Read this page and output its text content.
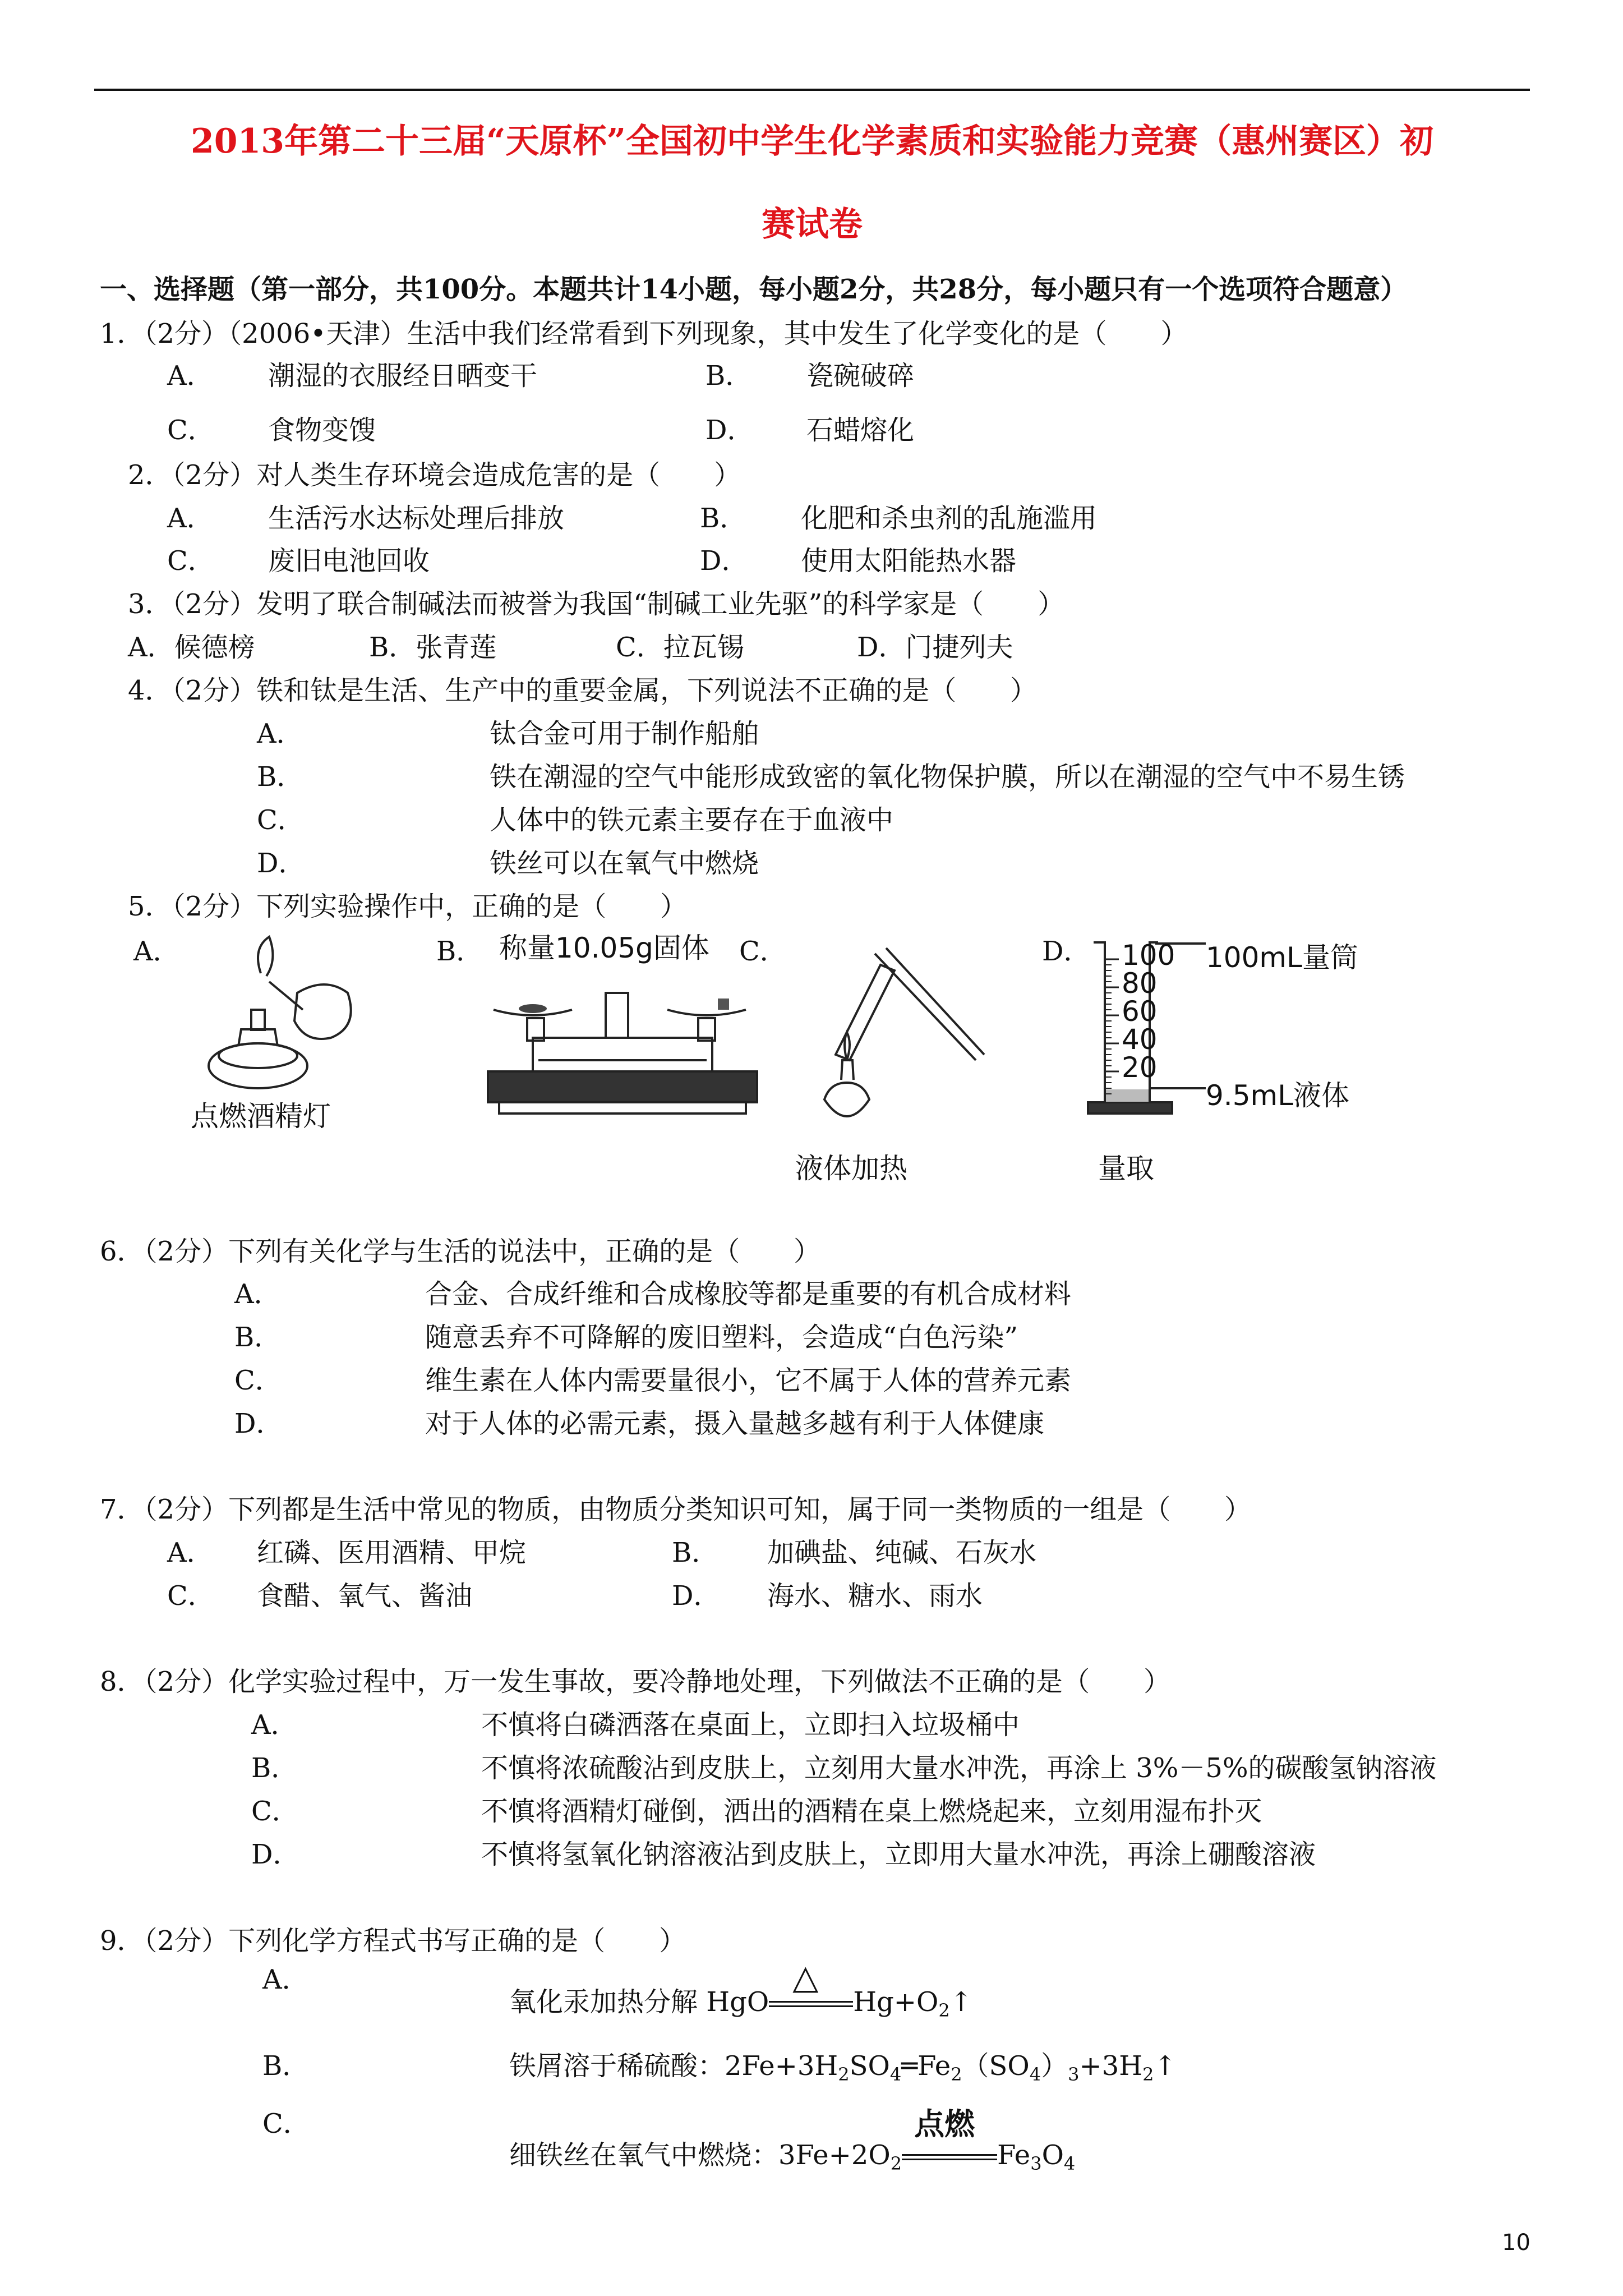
2013年第二十三届“天原杯”全国初中学生化学素质和实验能力竞赛（惠州赛区）初
赛试卷
一、选择题（第一部分，共100分。本题共计14小题，每小题2分，共28分，每小题只有一个选项符合题意）
1．（2分）（2006•天津）生活中我们经常看到下列现象，其中发生了化学变化的是（　　）
A． 潮湿的衣服经日晒变干	B． 瓷碗破碎
C． 食物变馊	D． 石蜡熔化
2．（2分）对人类生存环境会造成危害的是（　　）
A． 生活污水达标处理后排放	B． 化肥和杀虫剂的乱施滥用
C． 废旧电池回收	D． 使用太阳能热水器
3．（2分）发明了联合制碱法而被誉为我国“制碱工业先驱”的科学家是（　　）
A．候德榜	B．张青莲	C．拉瓦锡	D．门捷列夫
4．（2分）铁和钛是生活、生产中的重要金属，下列说法不正确的是（　　）
A．	钛合金可用于制作船舶
B．	铁在潮湿的空气中能形成致密的氧化物保护膜，所以在潮湿的空气中不易生锈
C．	人体中的铁元素主要存在于血液中
D．	铁丝可以在氧气中燃烧
5．（2分）下列实验操作中，正确的是（　　）
A．	B．	C．	D．
点燃酒精灯
称量10.05g固体
液体加热
100
80
60
40
20
100mL量筒
9.5mL液体
量取
6．（2分）下列有关化学与生活的说法中，正确的是（　　）
A．	合金、合成纤维和合成橡胶等都是重要的有机合成材料
B．	随意丢弃不可降解的废旧塑料，会造成“白色污染”
C．	维生素在人体内需要量很小，它不属于人体的营养元素
D．	对于人体的必需元素，摄入量越多越有利于人体健康
7．（2分）下列都是生活中常见的物质，由物质分类知识可知，属于同一类物质的一组是（　　）
A． 红磷、医用酒精、甲烷	B． 加碘盐、纯碱、石灰水
C． 食醋、氧气、酱油	D． 海水、糖水、雨水
8．（2分）化学实验过程中，万一发生事故，要冷静地处理，下列做法不正确的是（　　）
A．	不慎将白磷洒落在桌面上，立即扫入垃圾桶中
B．	不慎将浓硫酸沾到皮肤上，立刻用大量水冲洗，再涂上 3%－5%的碳酸氢钠溶液
C．	不慎将酒精灯碰倒，洒出的酒精在桌上燃烧起来，立刻用湿布扑灭
D．	不慎将氢氧化钠溶液沾到皮肤上，立即用大量水冲洗，再涂上硼酸溶液
9．（2分）下列化学方程式书写正确的是（　　）
A．
氧化汞加热分解 HgO
△
$Hg+O_2↑$
B．	铁屑溶于稀硫酸：$2Fe+3H_2SO_4═Fe_2(SO_4)_3+3H_2↑$
C．
细铁丝在氧气中燃烧：$3Fe+2O_2$
点燃
$Fe_3O_4$
10
